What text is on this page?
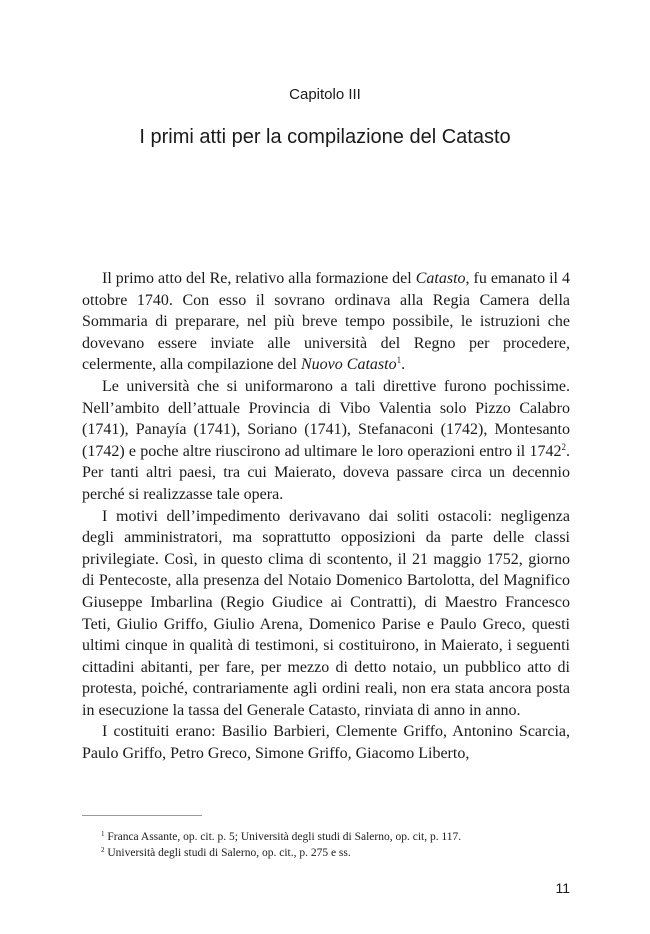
Capitolo III
I primi atti per la compilazione del Catasto

Il primo atto del Re, relativo alla formazione del Catasto, fu emanato il 4 ottobre 1740. Con esso il sovrano ordinava alla Regia Camera della Sommaria di preparare, nel più breve tempo possibile, le istruzioni che dovevano essere inviate alle università del Regno per procedere, celermente, alla compilazione del Nuovo Catasto$^1$.

Le università che si uniformarono a tali direttive furono pochissime. Nell’ambito dell’attuale Provincia di Vibo Valentia solo Pizzo Calabro (1741), Panayía (1741), Soriano (1741), Stefanaconi (1742), Montesanto (1742) e poche altre riuscirono ad ultimare le loro operazioni entro il 1742$^2$. Per tanti altri paesi, tra cui Maierato, doveva passare circa un decennio perché si realizzasse tale opera.

I motivi dell’impedimento derivavano dai soliti ostacoli: negligenza degli amministratori, ma soprattutto opposizioni da parte delle classi privilegiate. Così, in questo clima di scontento, il 21 maggio 1752, giorno di Pentecoste, alla presenza del Notaio Domenico Bartolotta, del Magnifico Giuseppe Imbarlina (Regio Giudice ai Contratti), di Maestro Francesco Teti, Giulio Griffo, Giulio Arena, Domenico Parise e Paulo Greco, questi ultimi cinque in qualità di testimoni, si costituirono, in Maierato, i seguenti cittadini abitanti, per fare, per mezzo di detto notaio, un pubblico atto di protesta, poiché, contrariamente agli ordini reali, non era stata ancora posta in esecuzione la tassa del Generale Catasto, rinviata di anno in anno.

I costituiti erano: Basilio Barbieri, Clemente Griffo, Antonino Scarcia, Paulo Griffo, Petro Greco, Simone Griffo, Giacomo Liberto,

$^1$ Franca Assante, op. cit. p. 5; Università degli studi di Salerno, op. cit, p. 117.
$^2$ Università degli studi di Salerno, op. cit., p. 275 e ss.
11
